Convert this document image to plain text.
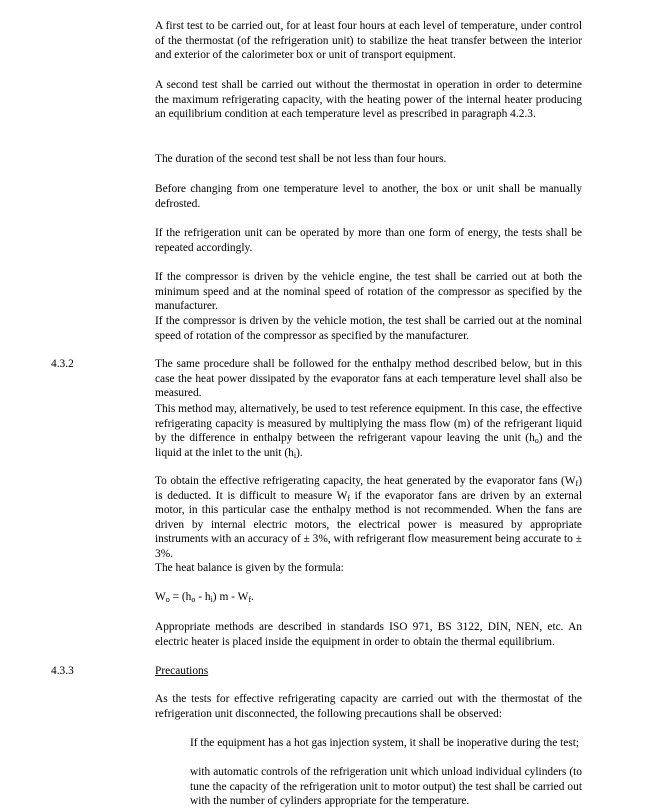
A first test to be carried out, for at least four hours at each level of temperature, under control of the thermostat (of the refrigeration unit) to stabilize the heat transfer between the interior and exterior of the calorimeter box or unit of transport equipment.

A second test shall be carried out without the thermostat in operation in order to determine the maximum refrigerating capacity, with the heating power of the internal heater producing an equilibrium condition at each temperature level as prescribed in paragraph 4.2.3.

The duration of the second test shall be not less than four hours.

Before changing from one temperature level to another, the box or unit shall be manually defrosted.

If the refrigeration unit can be operated by more than one form of energy, the tests shall be repeated accordingly.

If the compressor is driven by the vehicle engine, the test shall be carried out at both the minimum speed and at the nominal speed of rotation of the compressor as specified by the manufacturer.

If the compressor is driven by the vehicle motion, the test shall be carried out at the nominal speed of rotation of the compressor as specified by the manufacturer.

4.3.2	The same procedure shall be followed for the enthalpy method described below, but in this case the heat power dissipated by the evaporator fans at each temperature level shall also be measured.

This method may, alternatively, be used to test reference equipment. In this case, the effective refrigerating capacity is measured by multiplying the mass flow (m) of the refrigerant liquid by the difference in enthalpy between the refrigerant vapour leaving the unit $(h_o)$ and the liquid at the inlet to the unit $(h_i)$.

To obtain the effective refrigerating capacity, the heat generated by the evaporator fans $(W_f)$ is deducted. It is difficult to measure $W_f$ if the evaporator fans are driven by an external motor, in this particular case the enthalpy method is not recommended. When the fans are driven by internal electric motors, the electrical power is measured by appropriate instruments with an accuracy of ± 3%, with refrigerant flow measurement being accurate to ± 3%.

The heat balance is given by the formula:

$W_o = (h_o - h_i)$ m - $W_f$.

Appropriate methods are described in standards ISO 971, BS 3122, DIN, NEN, etc. An electric heater is placed inside the equipment in order to obtain the thermal equilibrium.

4.3.3	Precautions

As the tests for effective refrigerating capacity are carried out with the thermostat of the refrigeration unit disconnected, the following precautions shall be observed:

If the equipment has a hot gas injection system, it shall be inoperative during the test;

with automatic controls of the refrigeration unit which unload individual cylinders (to tune the capacity of the refrigeration unit to motor output) the test shall be carried out with the number of cylinders appropriate for the temperature.
